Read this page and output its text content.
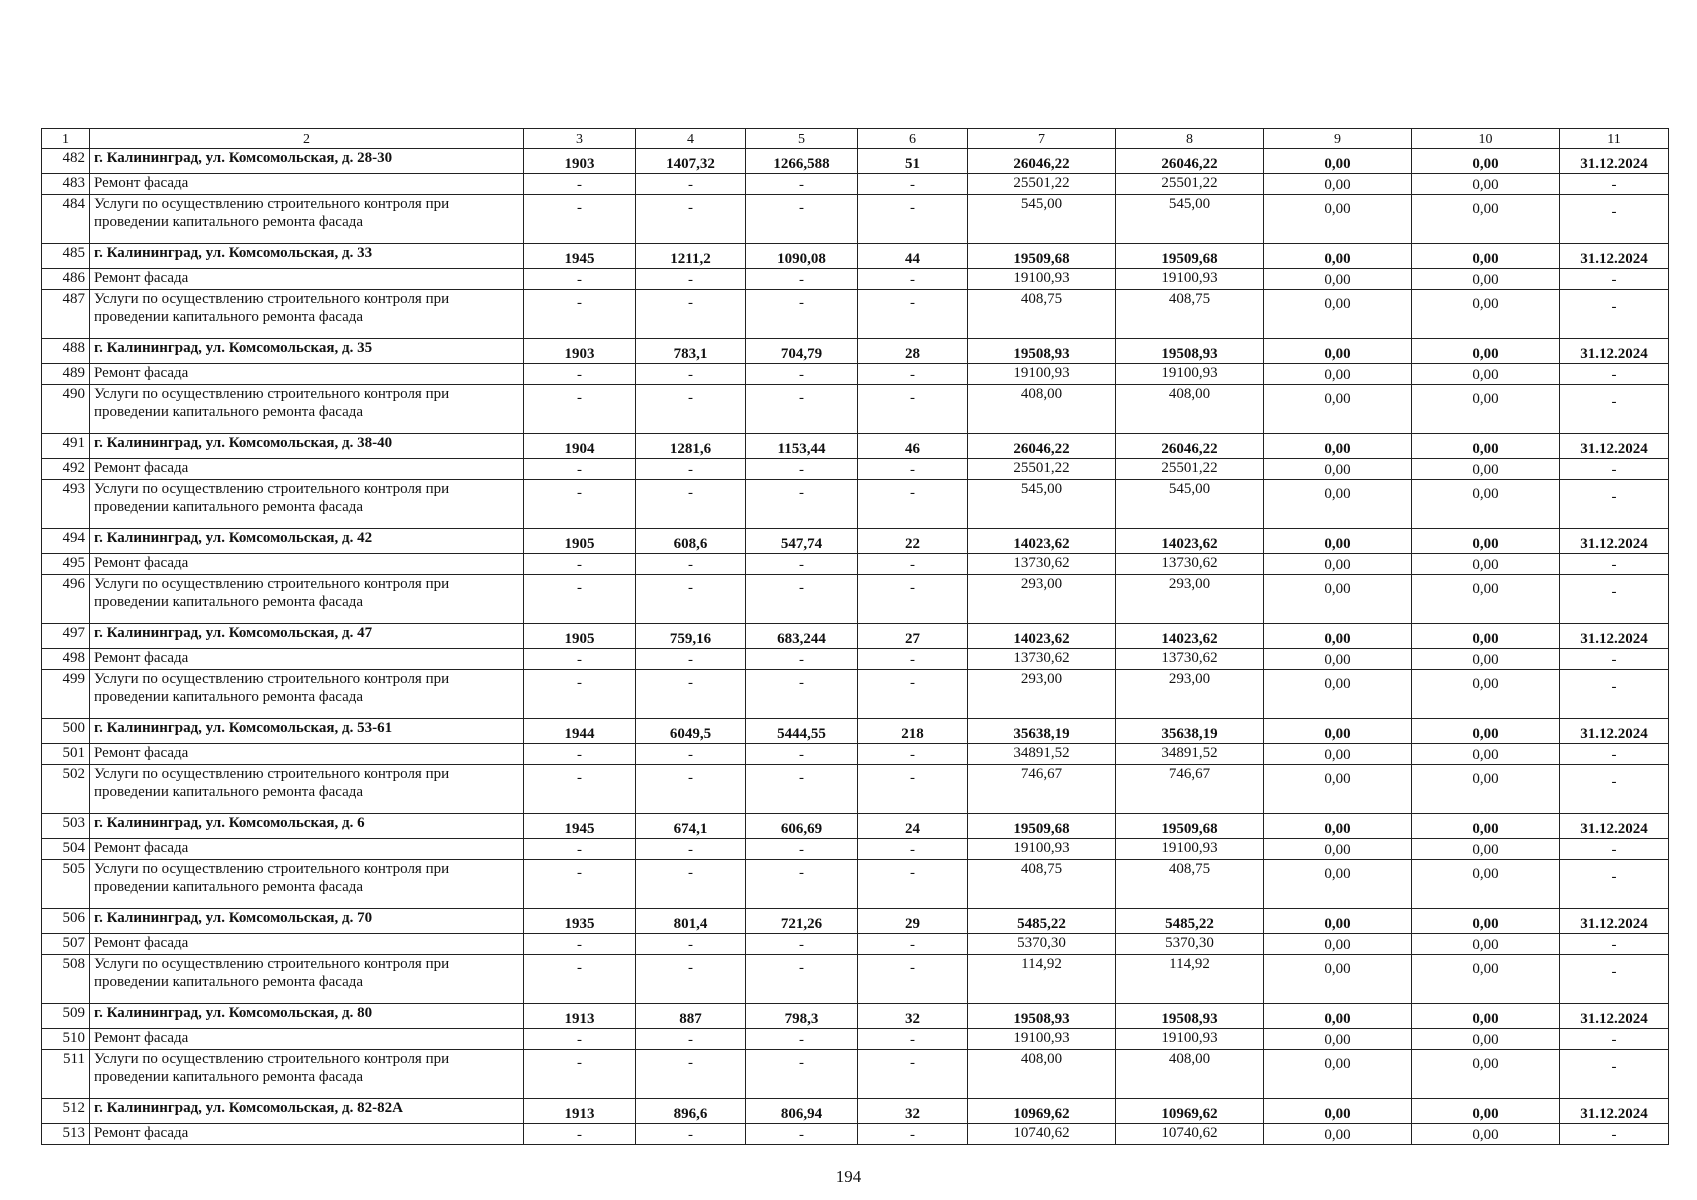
1	2	3	4	5	6	7	8	9	10	11
482	г. Калининград, ул. Комсомольская, д. 28-30	1903	1407,32	1266,588	51	26046,22	26046,22	0,00	0,00	31.12.2024
483	Ремонт фасада	-	-	-	-	25501,22	25501,22	0,00	0,00	-
484	Услуги по осуществлению строительного контроля при проведении капитального ремонта фасада	-	-	-	-	545,00	545,00	0,00	0,00	-
485	г. Калининград, ул. Комсомольская, д. 33	1945	1211,2	1090,08	44	19509,68	19509,68	0,00	0,00	31.12.2024
486	Ремонт фасада	-	-	-	-	19100,93	19100,93	0,00	0,00	-
487	Услуги по осуществлению строительного контроля при проведении капитального ремонта фасада	-	-	-	-	408,75	408,75	0,00	0,00	-
488	г. Калининград, ул. Комсомольская, д. 35	1903	783,1	704,79	28	19508,93	19508,93	0,00	0,00	31.12.2024
489	Ремонт фасада	-	-	-	-	19100,93	19100,93	0,00	0,00	-
490	Услуги по осуществлению строительного контроля при проведении капитального ремонта фасада	-	-	-	-	408,00	408,00	0,00	0,00	-
491	г. Калининград, ул. Комсомольская, д. 38-40	1904	1281,6	1153,44	46	26046,22	26046,22	0,00	0,00	31.12.2024
492	Ремонт фасада	-	-	-	-	25501,22	25501,22	0,00	0,00	-
493	Услуги по осуществлению строительного контроля при проведении капитального ремонта фасада	-	-	-	-	545,00	545,00	0,00	0,00	-
494	г. Калининград, ул. Комсомольская, д. 42	1905	608,6	547,74	22	14023,62	14023,62	0,00	0,00	31.12.2024
495	Ремонт фасада	-	-	-	-	13730,62	13730,62	0,00	0,00	-
496	Услуги по осуществлению строительного контроля при проведении капитального ремонта фасада	-	-	-	-	293,00	293,00	0,00	0,00	-
497	г. Калининград, ул. Комсомольская, д. 47	1905	759,16	683,244	27	14023,62	14023,62	0,00	0,00	31.12.2024
498	Ремонт фасада	-	-	-	-	13730,62	13730,62	0,00	0,00	-
499	Услуги по осуществлению строительного контроля при проведении капитального ремонта фасада	-	-	-	-	293,00	293,00	0,00	0,00	-
500	г. Калининград, ул. Комсомольская, д. 53-61	1944	6049,5	5444,55	218	35638,19	35638,19	0,00	0,00	31.12.2024
501	Ремонт фасада	-	-	-	-	34891,52	34891,52	0,00	0,00	-
502	Услуги по осуществлению строительного контроля при проведении капитального ремонта фасада	-	-	-	-	746,67	746,67	0,00	0,00	-
503	г. Калининград, ул. Комсомольская, д. 6	1945	674,1	606,69	24	19509,68	19509,68	0,00	0,00	31.12.2024
504	Ремонт фасада	-	-	-	-	19100,93	19100,93	0,00	0,00	-
505	Услуги по осуществлению строительного контроля при проведении капитального ремонта фасада	-	-	-	-	408,75	408,75	0,00	0,00	-
506	г. Калининград, ул. Комсомольская, д. 70	1935	801,4	721,26	29	5485,22	5485,22	0,00	0,00	31.12.2024
507	Ремонт фасада	-	-	-	-	5370,30	5370,30	0,00	0,00	-
508	Услуги по осуществлению строительного контроля при проведении капитального ремонта фасада	-	-	-	-	114,92	114,92	0,00	0,00	-
509	г. Калининград, ул. Комсомольская, д. 80	1913	887	798,3	32	19508,93	19508,93	0,00	0,00	31.12.2024
510	Ремонт фасада	-	-	-	-	19100,93	19100,93	0,00	0,00	-
511	Услуги по осуществлению строительного контроля при проведении капитального ремонта фасада	-	-	-	-	408,00	408,00	0,00	0,00	-
512	г. Калининград, ул. Комсомольская, д. 82-82А	1913	896,6	806,94	32	10969,62	10969,62	0,00	0,00	31.12.2024
513	Ремонт фасада	-	-	-	-	10740,62	10740,62	0,00	0,00	-
194
